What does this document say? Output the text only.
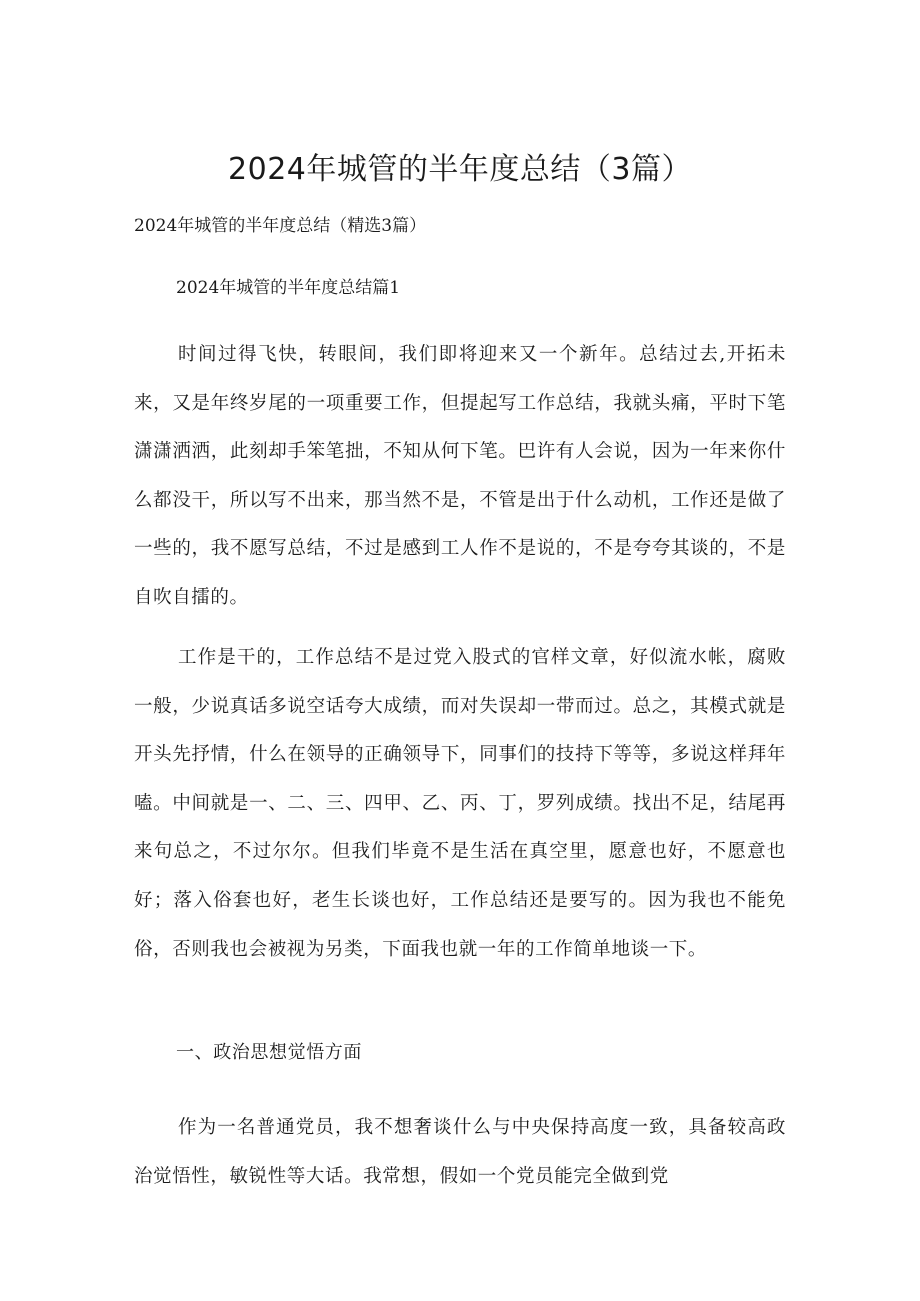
2024年城管的半年度总结（3篇）

2024年城管的半年度总结（精选3篇）

2024年城管的半年度总结篇1

时间过得飞快，转眼间，我们即将迎来又一个新年。总结过去,开拓未来，又是年终岁尾的一项重要工作，但提起写工作总结，我就头痛，平时下笔潇潇洒洒，此刻却手笨笔拙，不知从何下笔。巴许有人会说，因为一年来你什么都没干，所以写不出来，那当然不是，不管是出于什么动机，工作还是做了一些的，我不愿写总结，不过是感到工人作不是说的，不是夸夸其谈的，不是自吹自擂的。

工作是干的，工作总结不是过党入股式的官样文章，好似流水帐，腐败一般，少说真话多说空话夸大成绩，而对失误却一带而过。总之，其模式就是开头先抒情，什么在领导的正确领导下，同事们的技持下等等，多说这样拜年嗑。中间就是一、二、三、四甲、乙、丙、丁，罗列成绩。找出不足，结尾再来句总之，不过尔尔。但我们毕竟不是生活在真空里，愿意也好，不愿意也好；落入俗套也好，老生长谈也好，工作总结还是要写的。因为我也不能免俗，否则我也会被视为另类，下面我也就一年的工作简单地谈一下。

一、政治思想觉悟方面

作为一名普通党员，我不想奢谈什么与中央保持高度一致，具备较高政治觉悟性，敏锐性等大话。我常想，假如一个党员能完全做到党
